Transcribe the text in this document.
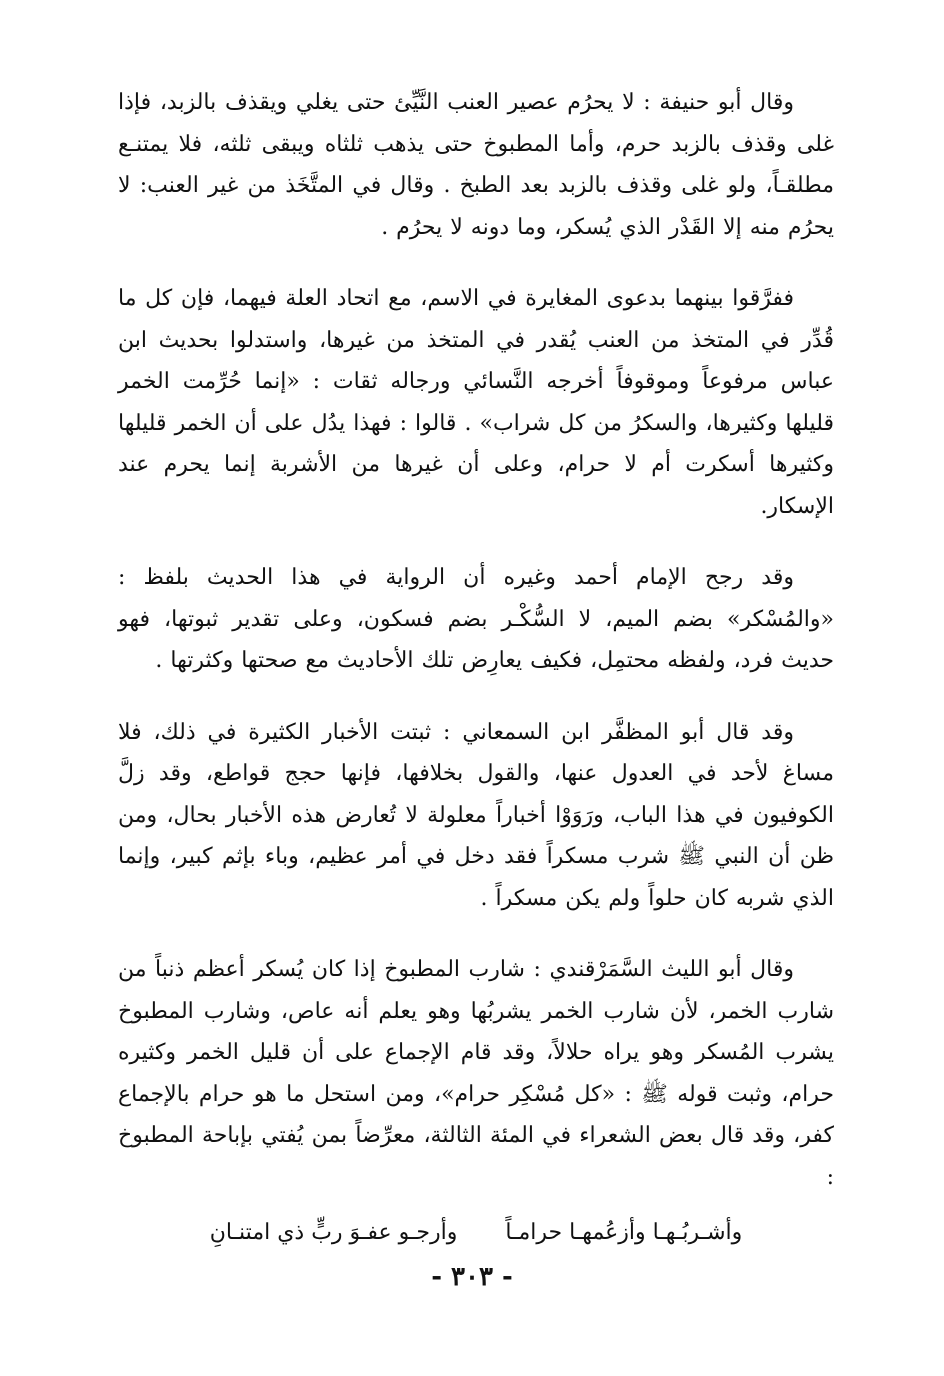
وقال أبو حنيفة : لا يحرُم عصير العنب النَّيِّئ حتى يغلي ويقذف بالزبد، فإذا غلى وقذف بالزبد حرم، وأما المطبوخ حتى يذهب ثلثاه ويبقى ثلثه، فلا يمتنـع مطلقـاً، ولو غلى وقذف بالزبد بعد الطبخ . وقال في المتَّخَذ من غير العنب: لا يحرُم منه إلا القَدْر الذي يُسكر، وما دونه لا يحرُم .

ففرَّقوا بينهما بدعوى المغايرة في الاسم، مع اتحاد العلة فيهما، فإن كل ما قُدِّر في المتخذ من العنب يُقدر في المتخذ من غيرها، واستدلوا بحديث ابن عباس مرفوعاً وموقوفاً أخرجه النَّسائي ورجاله ثقات : «إنما حُرِّمت الخمر قليلها وكثيرها، والسكرُ من كل شراب» . قالوا : فهذا يدُل على أن الخمر قليلها وكثيرها أسكرت أم لا حرام، وعلى أن غيرها من الأشربة إنما يحرم عند الإسكار.

وقد رجح الإمام أحمد وغيره أن الرواية في هذا الحديث بلفظ : «والمُسْكر» بضم الميم، لا السُّكْـر بضم فسكون، وعلى تقدير ثبوتها، فهو حديث فرد، ولفظه محتمِل، فكيف يعارِض تلك الأحاديث مع صحتها وكثرتها .

وقد قال أبو المظفَّر ابن السمعاني : ثبتت الأخبار الكثيرة في ذلك، فلا مساغ لأحد في العدول عنها، والقول بخلافها، فإنها حجج قواطع، وقد زلَّ الكوفيون في هذا الباب، ورَوَوْا أخباراً معلولة لا تُعارض هذه الأخبار بحال، ومن ظن أن النبي ﷺ شرب مسكراً فقد دخل في أمر عظيم، وباء بإثم كبير، وإنما الذي شربه كان حلواً ولم يكن مسكراً .

وقال أبو الليث السَّمَرْقندي : شارب المطبوخ إذا كان يُسكر أعظم ذنباً من شارب الخمر، لأن شارب الخمر يشربُها وهو يعلم أنه عاص، وشارب المطبوخ يشرب المُسكر وهو يراه حلالاً، وقد قام الإجماع على أن قليل الخمر وكثيره حرام، وثبت قوله ﷺ : «كل مُسْكِر حرام»، ومن استحل ما هو حرام بالإجماع كفر، وقد قال بعض الشعراء في المئة الثالثة، معرِّضاً بمن يُفتي بإباحة المطبوخ :

وأشـربُـهـا وأزعُمهـا حرامـاً
وأرجـو عفـوَ ربٍّ ذي امتنـانِ
- ٣٠٣ -
